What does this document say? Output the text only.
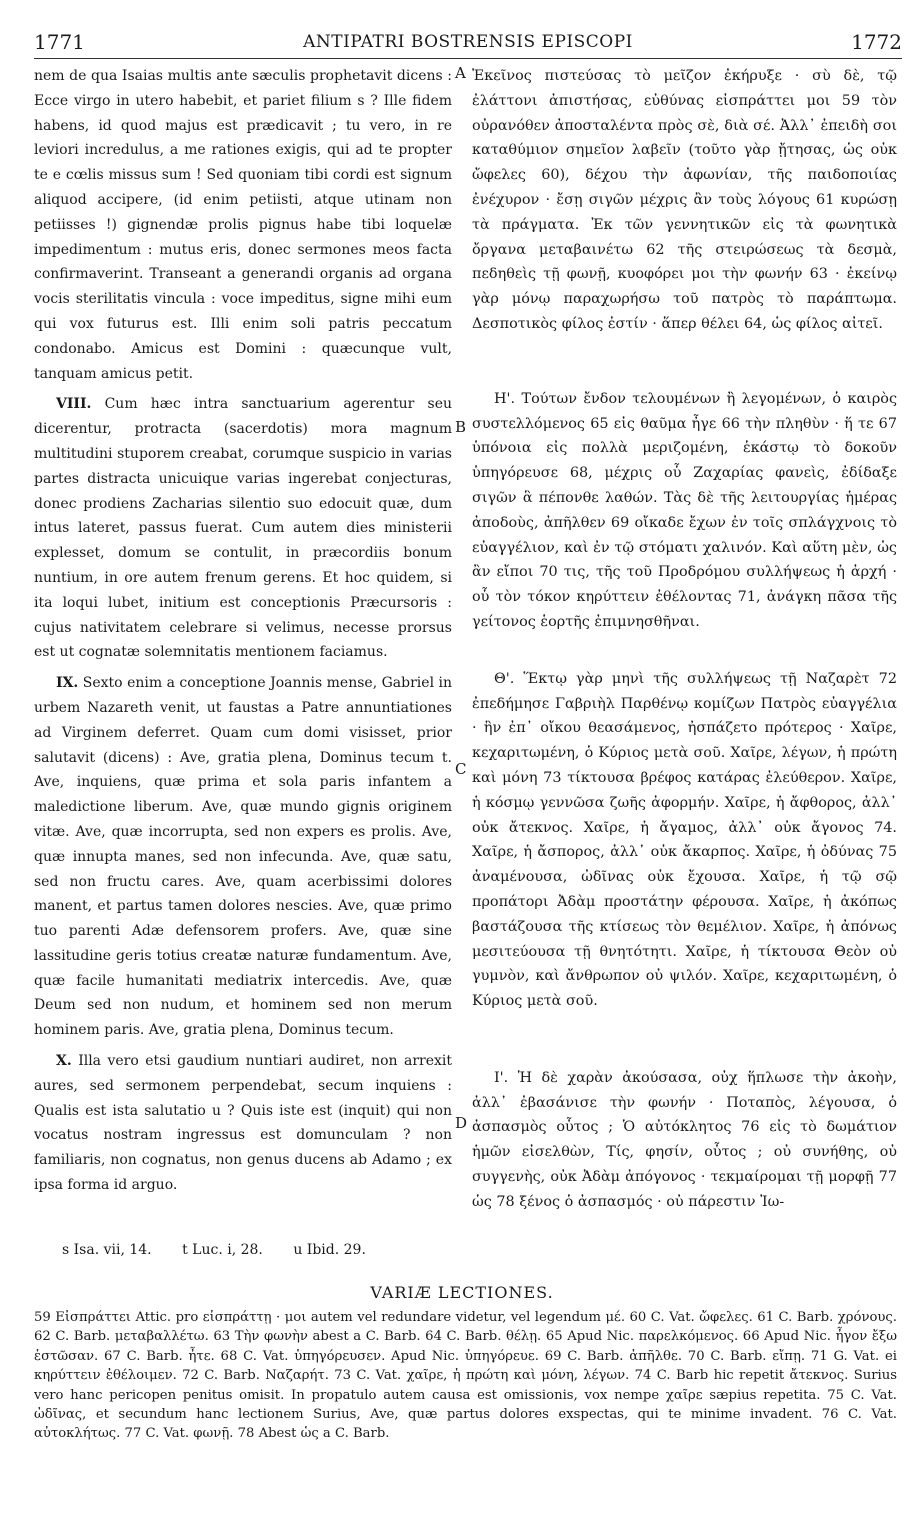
1771	ANTIPATRI BOSTRENSIS EPISCOPI	1772
A
B
C
D

nem de qua Isaias multis ante sæculis prophetavit dicens : Ecce virgo in utero habebit, et pariet filium s ? Ille fidem habens, id quod majus est prædicavit ; tu vero, in re leviori incredulus, a me rationes exigis, qui ad te propter te e cœlis missus sum ! Sed quoniam tibi cordi est signum aliquod accipere, (id enim petiisti, atque utinam non petiisses !) gignendæ prolis pignus habe tibi loquelæ impedimentum : mutus eris, donec sermones meos facta confirmaverint. Transeant a generandi organis ad organa vocis sterilitatis vincula : voce impeditus, signe mihi eum qui vox futurus est. Illi enim soli patris peccatum condonabo. Amicus est Domini : quæcunque vult, tanquam amicus petit.

VIII. Cum hæc intra sanctuarium agerentur seu dicerentur, protracta (sacerdotis) mora magnum multitudini stuporem creabat, corumque suspicio in varias partes distracta unicuique varias ingerebat conjecturas, donec prodiens Zacharias silentio suo edocuit quæ, dum intus lateret, passus fuerat. Cum autem dies ministerii explesset, domum se contulit, in præcordiis bonum nuntium, in ore autem frenum gerens. Et hoc quidem, si ita loqui lubet, initium est conceptionis Præcursoris : cujus nativitatem celebrare si velimus, necesse prorsus est ut cognatæ solemnitatis mentionem faciamus.

IX. Sexto enim a conceptione Joannis mense, Gabriel in urbem Nazareth venit, ut faustas a Patre annuntiationes ad Virginem deferret. Quam cum domi visisset, prior salutavit (dicens) : Ave, gratia plena, Dominus tecum t. Ave, inquiens, quæ prima et sola paris infantem a maledictione liberum. Ave, quæ mundo gignis originem vitæ. Ave, quæ incorrupta, sed non expers es prolis. Ave, quæ innupta manes, sed non infecunda. Ave, quæ satu, sed non fructu cares. Ave, quam acerbissimi dolores manent, et partus tamen dolores nescies. Ave, quæ primo tuo parenti Adæ defensorem profers. Ave, quæ sine lassitudine geris totius creatæ naturæ fundamentum. Ave, quæ facile humanitati mediatrix intercedis. Ave, quæ Deum sed non nudum, et hominem sed non merum hominem paris. Ave, gratia plena, Dominus tecum.

X. Illa vero etsi gaudium nuntiari audiret, non arrexit aures, sed sermonem perpendebat, secum inquiens : Qualis est ista salutatio u ? Quis iste est (inquit) qui non vocatus nostram ingressus est domunculam ? non familiaris, non cognatus, non genus ducens ab Adamo ; ex ipsa forma id arguo.

Ἐκεῖνος πιστεύσας τὸ μεῖζον ἐκήρυξε · σὺ δὲ, τῷ ἐλάττονι ἀπιστήσας, εὐθύνας εἰσπράττει μοι 59 τὸν οὐρανόθεν ἀποσταλέντα πρὸς σὲ, διὰ σέ. Ἀλλ᾽ ἐπειδὴ σοι καταθύμιον σημεῖον λαβεῖν (τοῦτο γὰρ ᾔτησας, ὡς οὐκ ὤφελες 60), δέχου τὴν ἀφωνίαν, τῆς παιδοποιίας ἐνέχυρον · ἔσῃ σιγῶν μέχρις ἂν τοὺς λόγους 61 κυρώσῃ τὰ πράγματα. Ἐκ τῶν γεννητικῶν εἰς τὰ φωνητικὰ ὄργανα μεταβαινέτω 62 τῆς στειρώσεως τὰ δεσμὰ, πεδηθεὶς τῇ φωνῇ, κυοφόρει μοι τὴν φωνήν 63 · ἐκείνῳ γὰρ μόνῳ παραχωρήσω τοῦ πατρὸς τὸ παράπτωμα. Δεσποτικὸς φίλος ἐστίν · ἅπερ θέλει 64, ὡς φίλος αἰτεῖ.

Η'. Τούτων ἔνδον τελουμένων ἢ λεγομένων, ὁ καιρὸς συστελλόμενος 65 εἰς θαῦμα ἦγε 66 τὴν πληθὺν · ἥ τε 67 ὑπόνοια εἰς πολλὰ μεριζομένη, ἑκάστῳ τὸ δοκοῦν ὑπηγόρευσε 68, μέχρις οὗ Ζαχαρίας φανεὶς, ἐδίδαξε σιγῶν ἃ πέπονθε λαθών. Τὰς δὲ τῆς λειτουργίας ἡμέρας ἀποδοὺς, ἀπῆλθεν 69 οἴκαδε ἔχων ἐν τοῖς σπλάγχνοις τὸ εὐαγγέλιον, καὶ ἐν τῷ στόματι χαλινόν. Καὶ αὕτη μὲν, ὡς ἂν εἴποι 70 τις, τῆς τοῦ Προδρόμου συλλήψεως ἡ ἀρχή · οὗ τὸν τόκον κηρύττειν ἐθέλοντας 71, ἀνάγκη πᾶσα τῆς γείτονος ἑορτῆς ἐπιμνησθῆναι.

Θ'. Ἕκτῳ γὰρ μηνὶ τῆς συλλήψεως τῇ Ναζαρὲτ 72 ἐπεδήμησε Γαβριὴλ Παρθένῳ κομίζων Πατρὸς εὐαγγέλια · ἣν ἐπ᾽ οἴκου θεασάμενος, ἠσπάζετο πρότερος · Χαῖρε, κεχαριτωμένη, ὁ Κύριος μετὰ σοῦ. Χαῖρε, λέγων, ἡ πρώτη καὶ μόνη 73 τίκτουσα βρέφος κατάρας ἐλεύθερον. Χαῖρε, ἡ κόσμῳ γεννῶσα ζωῆς ἀφορμήν. Χαῖρε, ἡ ἄφθορος, ἀλλ᾽ οὐκ ἄτεκνος. Χαῖρε, ἡ ἄγαμος, ἀλλ᾽ οὐκ ἄγονος 74. Χαῖρε, ἡ ἄσπορος, ἀλλ᾽ οὐκ ἄκαρπος. Χαῖρε, ἡ ὀδύνας 75 ἀναμένουσα, ὠδῖνας οὐκ ἔχουσα. Χαῖρε, ἡ τῷ σῷ προπάτορι Ἀδὰμ προστάτην φέρουσα. Χαῖρε, ἡ ἀκόπως βαστάζουσα τῆς κτίσεως τὸν θεμέλιον. Χαῖρε, ἡ ἀπόνως μεσιτεύουσα τῇ θνητότητι. Χαῖρε, ἡ τίκτουσα Θεὸν οὐ γυμνὸν, καὶ ἄνθρωπον οὐ ψιλόν. Χαῖρε, κεχαριτωμένη, ὁ Κύριος μετὰ σοῦ.

Ι'. Ἡ δὲ χαρὰν ἀκούσασα, οὐχ ἥπλωσε τὴν ἀκοὴν, ἀλλ᾽ ἐβασάνισε τὴν φωνήν · Ποταπὸς, λέγουσα, ὁ ἀσπασμὸς οὗτος ; Ὁ αὐτόκλητος 76 εἰς τὸ δωμάτιον ἡμῶν εἰσελθὼν, Τίς, φησίν, οὗτος ; οὐ συνήθης, οὐ συγγενὴς, οὐκ Ἀδὰμ ἀπόγονος · τεκμαίρομαι τῇ μορφῇ 77 ὡς 78 ξένος ὁ ἀσπασμός · οὐ πάρεστιν Ἰω-

s Isa. vii, 14. t Luc. i, 28. u Ibid. 29.
VARIÆ LECTIONES.

59 Εἰσπράττει Attic. pro εἰσπράττῃ · μοι autem vel redundare videtur, vel legendum μέ. 60 C. Vat. ὤφελες. 61 C. Barb. χρόνους. 62 C. Barb. μεταβαλλέτω. 63 Τὴν φωνὴν abest a C. Barb. 64 C. Barb. θέλῃ. 65 Apud Nic. παρελκόμενος. 66 Apud Nic. ἦγον ἔξω ἑστῶσαν. 67 C. Barb. ἦτε. 68 C. Vat. ὑπηγόρευσεν. Apud Nic. ὑπηγόρευε. 69 C. Barb. ἀπῆλθε. 70 C. Barb. εἴπῃ. 71 G. Vat. ei κηρύττειν ἐθέλοιμεν. 72 C. Barb. Ναζαρήτ. 73 C. Vat. χαῖρε, ἡ πρώτη καὶ μόνη, λέγων. 74 C. Barb hic repetit ἄτεκνος. Surius vero hanc pericopen penitus omisit. In propatulo autem causa est omissionis, vox nempe χαῖρε sæpius repetita. 75 C. Vat. ὠδῖνας, et secundum hanc lectionem Surius, Ave, quæ partus dolores exspectas, qui te minime invadent. 76 C. Vat. αὐτοκλήτως. 77 C. Vat. φωνῇ. 78 Abest ὡς a C. Barb.
